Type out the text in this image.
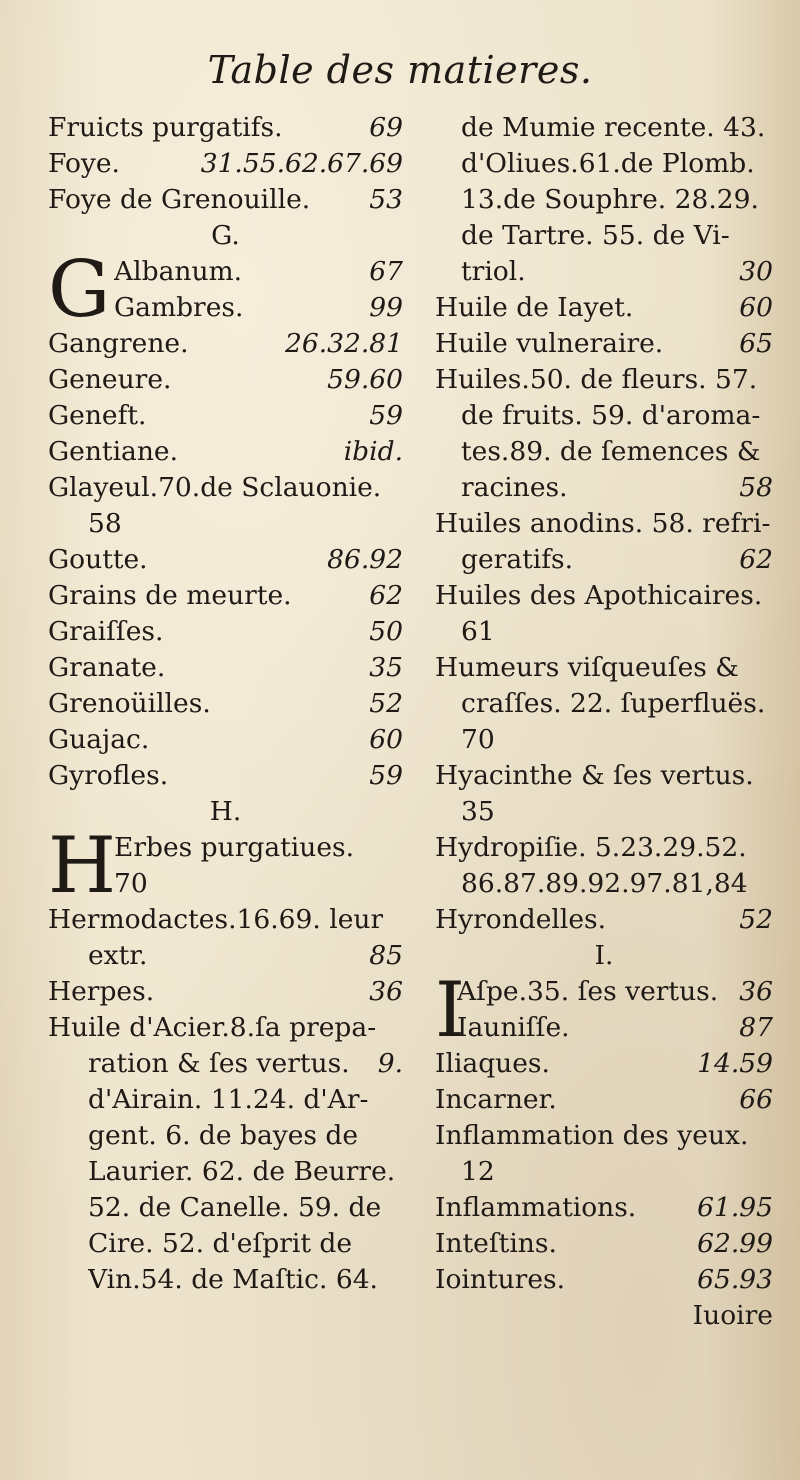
Table des matieres.
Fruicts purgatifs.	69
Foye.	31.55.62.67.69
Foye de Grenouille. 53
G.
G Albanum.	67
Gambres.	99
Gangrene.	26.32.81
Geneure.	59.60
Geneft.	59
Gentiane.	ibid.
Glayeul.70.de Sclauonie.
58
Goutte.	86.92
Grains de meurte.	62
Graiſſes.	50
Granate.	35
Grenoüilles.	52
Guajac.	60
Gyrofles.	59
H.
H
Erbes purgatiues.
70
Hermodactes.16.69. leur
extr.	85
Herpes.	36
Huile d'Acier.8.ſa prepa-
ration & ſes vertus. 9.
d'Airain. 11.24. d'Ar-
gent. 6. de bayes de
Laurier. 62. de Beurre.
52. de Canelle. 59. de
Cire. 52. d'eſprit de
Vin.54. de Maſtic. 64.
de Mumie recente. 43.
d'Oliues.61.de Plomb.
13.de Souphre. 28.29.
de Tartre. 55. de Vi-
triol.	30
Huile de Iayet.	60
Huile vulneraire.	65
Huiles.50. de fleurs. 57.
de fruits. 59. d'aroma-
tes.89. de ſemences &
racines.	58
Huiles anodins. 58. refri-
geratifs.	62
Huiles des Apothicaires.
61
Humeurs viſqueuſes &
craſſes. 22. ſuperfluës.
70
Hyacinthe & ſes vertus.
35
Hydropiſie. 5.23.29.52.
86.87.89.92.97.81,84
Hyrondelles.	52
I.
I
Aſpe.35. ſes vertus. 36
Iauniſſe.	87
Iliaques.	14.59
Incarner.	66
Inflammation des yeux.
12
Inflammations. 61.95
Inteſtins.	62.99
Iointures.	65.93
Iuoire
